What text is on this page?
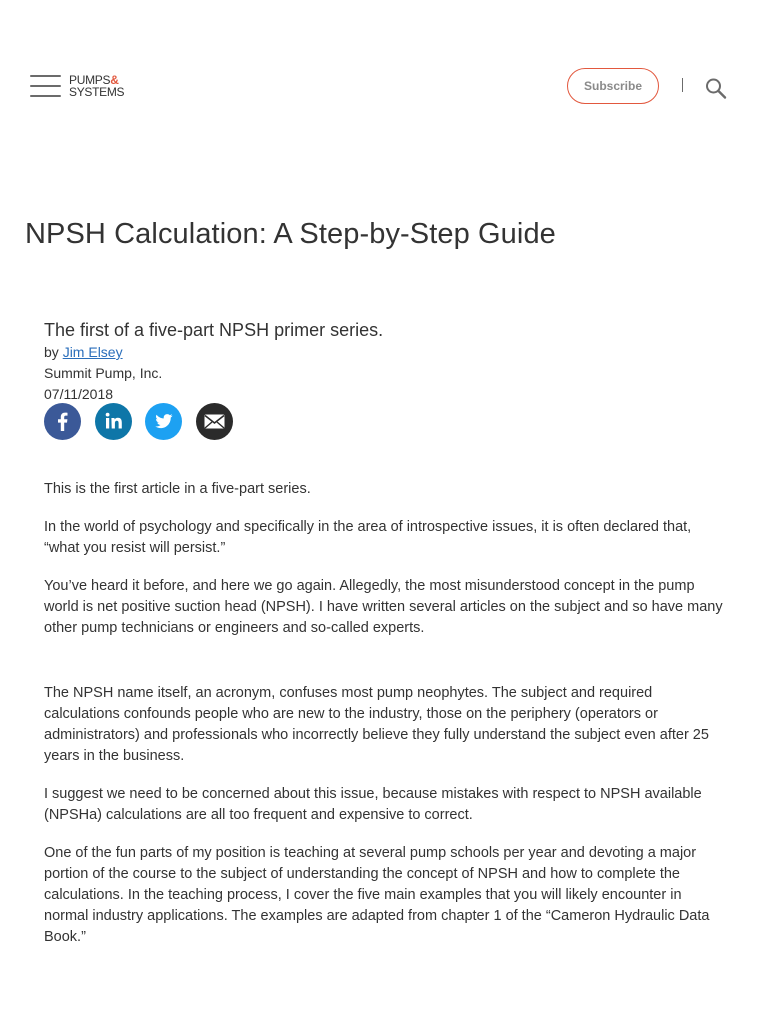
PUMPS&
SYSTEMS	Subscribe
NPSH Calculation: A Step-by-Step Guide
The first of a five-part NPSH primer series.
by Jim Elsey
Summit Pump, Inc.
07/11/2018

This is the first article in a five-part series.

In the world of psychology and specifically in the area of introspective issues, it is often declared that, “what you resist will persist.”

You’ve heard it before, and here we go again. Allegedly, the most misunderstood concept in the pump world is net positive suction head (NPSH). I have written several articles on the subject and so have many other pump technicians or engineers and so-called experts.

The NPSH name itself, an acronym, confuses most pump neophytes. The subject and required calculations confounds people who are new to the industry, those on the periphery (operators or administrators) and professionals who incorrectly believe they fully understand the subject even after 25 years in the business.

I suggest we need to be concerned about this issue, because mistakes with respect to NPSH available (NPSHa) calculations are all too frequent and expensive to correct.

One of the fun parts of my position is teaching at several pump schools per year and devoting a major portion of the course to the subject of understanding the concept of NPSH and how to complete the calculations. In the teaching process, I cover the five main examples that you will likely encounter in normal industry applications. The examples are adapted from chapter 1 of the “Cameron Hydraulic Data Book.”
